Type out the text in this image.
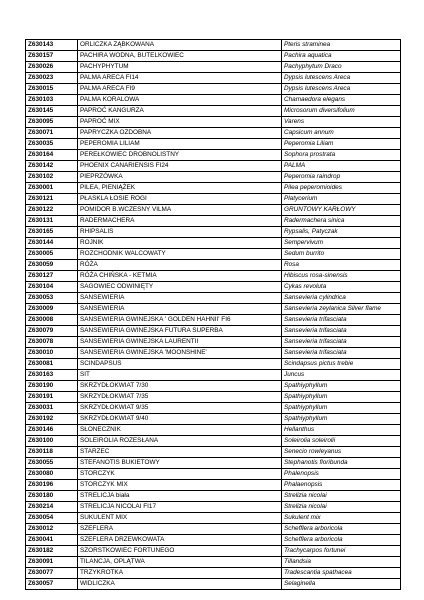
Z630143	ORLICZKA ZĄBKOWANA	Pteris straminea
Z630157	PACHIRA WODNA, BUTELKOWIEC	Pachira aquatica
Z630026	PACHYPHYTUM	Pachyphytum Draco
Z630023	PALMA ARECA FI14	Dypsis lutescens Areca
Z630015	PALMA ARECA FI9	Dypsis lutescens Areca
Z630103	PALMA KORALOWA	Chamaedora elegans
Z630145	PAPROĆ KANGURZA	Microsorum diversifolium
Z630095	PAPROĆ MIX	Varens
Z630071	PAPRYCZKA OZDOBNA	Capsicum annum
Z630035	PEPEROMIA LILIAM	Peperomia Liliam
Z630164	PEREŁKOWIEC DROBNOLISTNY	Sophora prostrata
Z630142	PHOENIX CANARIENSIS FI24	PALMA
Z630102	PIEPRZÓWKA	Peperomia raindrop
Z630001	PILEA, PIENIĄŻEK	Pilea peperomioides
Z630121	PŁASKLA ŁOSIE ROGI	Platycerium
Z630122	POMIDOR B.WCZESNY VILMA	GRUNTOWY KARŁOWY
Z630131	RADERMACHERA	Radermachera sinica
Z630165	RHIPSALIS	Rypsalis, Patyczak
Z630144	ROJNIK	Sempervivum
Z630005	ROZCHODNIK WALCOWATY	Sedum burrito
Z630059	RÓŻA	Rosa
Z630127	RÓŻA CHIŃSKA - KETMIA	Hibiscus rosa-sinensis
Z630104	SAGOWIEC ODWINIĘTY	Cykas revoluta
Z630053	SANSEWIERIA	Sansevieria cylindrica
Z630009	SANSEWIERIA	Sansevieria zeylanica Silver flame
Z630008	SANSEWIERIA GWINEJSKA ' GOLDEN HAHNII' FI6	Sansevieria trifasciata
Z630079	SANSEWIERIA GWINEJSKA FUTURA SUPERBA	Sansevieria trifasciata
Z630078	SANSEWIERIA GWINEJSKA LAURENTII	Sansevieria trifasciata
Z630010	SANSEWIERIA GWINEJSKA 'MOONSHINE'	Sansevieria trifasciata
Z630081	SCINDAPSUS	Scindapsus pictus trebie
Z630163	SIT	Juncus
Z630190	SKRZYDŁOKWIAT 7/30	Spathiyphyllum
Z630191	SKRZYDŁOKWIAT 7/35	Spathiyphyllum
Z630031	SKRZYDŁOKWIAT 9/35	Spathiyphyllum
Z630192	SKRZYDŁOKWIAT 9/40	Spathiyphyllum
Z630146	SŁONECZNIK	Hellanthus
Z630100	SOLEIROLIA ROZESŁANA	Soleirolia soleirolii
Z630118	STARZEC	Senecio rowleyanus
Z630055	STEFANOTIS BUKIETOWY	Stephanotis floribunda
Z630080	STORCZYK	Phalenopsis
Z630196	STORCZYK MIX	Phalaenopsis
Z630180	STRELICJA biała	Strelizia nicolai
Z630214	STRELICJA NICOLAI FI17	Strelizia nicolai
Z630054	SUKULENT MIX	Sukulent mix
Z630012	SZEFLERA	Schefflera arboricola
Z630041	SZEFLERA DRZEWKOWATA	Schefflera arboricola
Z630182	SZORSTKOWIEC FORTUNEGO	Trachycarpos fortunei
Z630091	TILANCJA, OPLĄTWA	Tillandsia
Z630077	TRZYKROTKA	Tradescantia spathacea
Z630057	WIDLICZKA	Selaginella
